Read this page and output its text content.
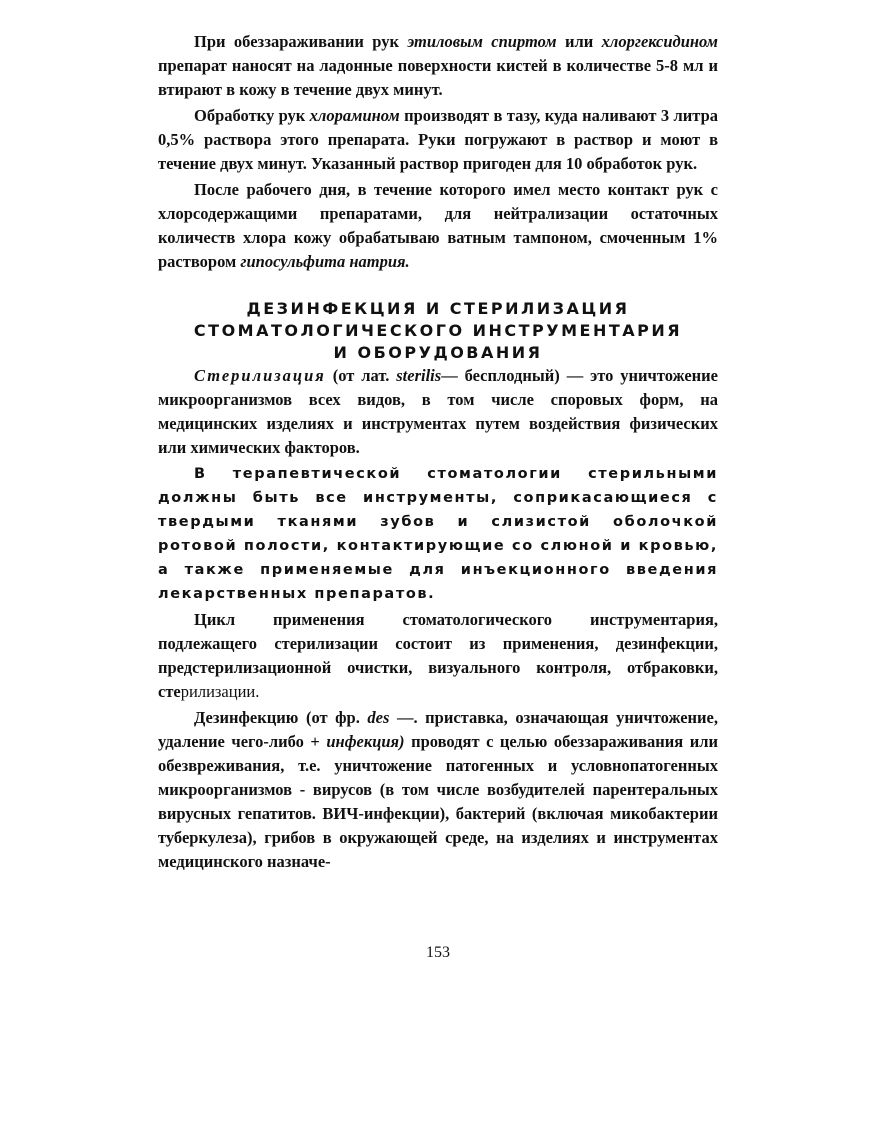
При обеззараживании рук этиловым спиртом или хлоргексидином препарат наносят на ладонные поверхности кистей в количестве 5-8 мл и втирают в кожу в течение двух минут.

Обработку рук хлорамином производят в тазу, куда наливают 3 литра 0,5% раствора этого препарата. Руки погружают в раствор и моют в течение двух минут. Указанный раствор пригоден для 10 обработок рук.

После рабочего дня, в течение которого имел место контакт рук с хлорсодержащими препаратами, для нейтрализации остаточных количеств хлора кожу обрабатываю ватным тампоном, смоченным 1% раствором гипосульфита натрия.

ДЕЗИНФЕКЦИЯ И СТЕРИЛИЗАЦИЯ
СТОМАТОЛОГИЧЕСКОГО ИНСТРУМЕНТАРИЯ
И ОБОРУДОВАНИЯ

Стерилизация (от лат. sterilis— бесплодный) — это уничтожение микроорганизмов всех видов, в том числе споровых форм, на медицинских изделиях и инструментах путем воздействия физических или химических факторов.

В терапевтической стоматологии стерильными должны быть все инструменты, соприкасающиеся с твердыми тканями зубов и слизистой оболочкой ротовой полости, контактирующие со слюной и кровью, а также применяемые для инъекционного введения лекарственных препаратов.

Цикл применения стоматологического инструментария, подлежащего стерилизации состоит из применения, дезинфекции, предстерилизационной очистки, визуального контроля, отбраковки, стерилизации.

Дезинфекцию (от фр. des —. приставка, означающая уничтожение, удаление чего-либо + инфекция) проводят с целью обеззараживания или обезвреживания, т.е. уничтожение патогенных и условнопатогенных микроорганизмов - вирусов (в том числе возбудителей парентеральных вирусных гепатитов. ВИЧ-инфекции), бактерий (включая микобактерии туберкулеза), грибов в окружающей среде, на изделиях и инструментах медицинского назначе-

153
